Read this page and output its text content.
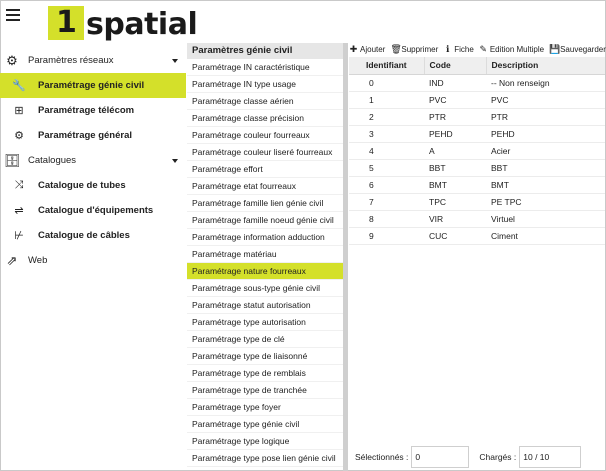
1 spatial
⚙ Paramètres réseaux
🔧 Paramétrage génie civil
⊞ Paramétrage télécom
⚙ Paramétrage général
🗄 Catalogues
⤨ Catalogue de tubes
⇌ Catalogue d'équipements
⊬ Catalogue de câbles
⇗ Web
Paramètres génie civil
Paramétrage IN caractéristique
Paramétrage IN type usage
Paramétrage classe aérien
Paramétrage classe précision
Paramétrage couleur fourreaux
Paramétrage couleur liseré fourreaux
Paramétrage effort
Paramétrage etat fourreaux
Paramétrage famille lien génie civil
Paramétrage famille noeud génie civil
Paramétrage information adduction
Paramétrage matériau
Paramétrage nature fourreaux
Paramétrage sous-type génie civil
Paramétrage statut autorisation
Paramétrage type autorisation
Paramétrage type de clé
Paramétrage type de liaisonné
Paramétrage type de remblais
Paramétrage type de tranchée
Paramétrage type foyer
Paramétrage type génie civil
Paramétrage type logique
Paramétrage type pose lien génie civil
✚ Ajouter 🗑 Supprimer ℹ Fiche ✎ Edition Multiple 💾 Sauvegarder
	Identifiant	Code	Description
	0	IND	-- Non renseign
	1	PVC	PVC
	2	PTR	PTR
	3	PEHD	PEHD
	4	A	Acier
	5	BBT	BBT
	6	BMT	BMT
	7	TPC	PE TPC
	8	VIR	Virtuel
	9	CUC	Ciment
Sélectionnés :
0	Chargés :
10 / 10
